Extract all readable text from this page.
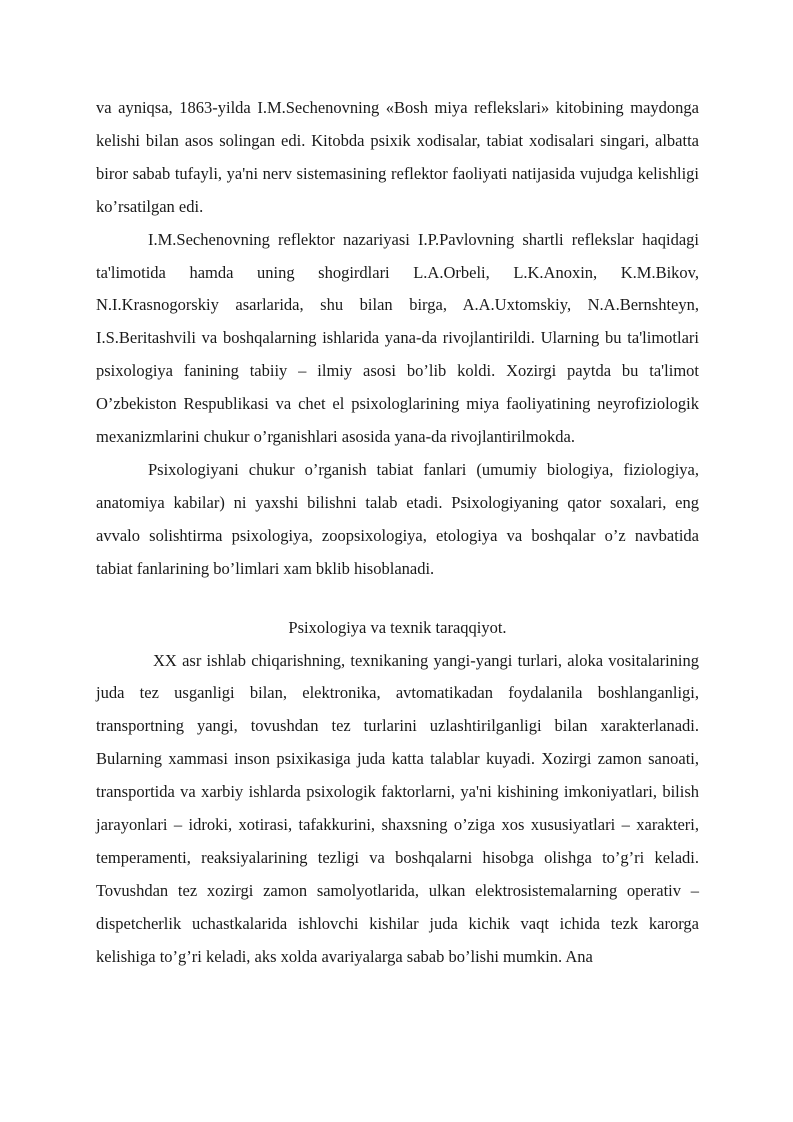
va ayniqsa, 1863-yilda I.M.Sechenovning «Bosh miya reflekslari» kitobining maydonga kelishi bilan asos solingan edi. Kitobda psixik xodisalar, tabiat xodisalari singari, albatta biror sabab tufayli, ya'ni nerv sistemasining reflektor faoliyati natijasida vujudga kelishligi ko’rsatilgan edi.

I.M.Sechenovning reflektor nazariyasi I.P.Pavlovning shartli reflekslar haqidagi ta'limotida hamda uning shogirdlari L.A.Orbeli, L.K.Anoxin, K.M.Bikov, N.I.Krasnogorskiy asarlarida, shu bilan birga, A.A.Uxtomskiy, N.A.Bernshteyn, I.S.Beritashvili va boshqalarning ishlarida yana-da rivojlantirildi. Ularning bu ta'limotlari psixologiya fanining tabiiy – ilmiy asosi bo’lib koldi. Xozirgi paytda bu ta'limot O’zbekiston Respublikasi va chet el psixologlarining miya faoliyatining neyrofiziologik mexanizmlarini chukur o’rganishlari asosida yana-da rivojlantirilmokda.

Psixologiyani chukur o’rganish tabiat fanlari (umumiy biologiya, fiziologiya, anatomiya kabilar) ni yaxshi bilishni talab etadi. Psixologiyaning qator soxalari, eng avvalo solishtirma psixologiya, zoopsixologiya, etologiya va boshqalar o’z navbatida tabiat fanlarining bo’limlari xam bklib hisoblanadi.

Psixologiya va texnik taraqqiyot.

XX asr ishlab chiqarishning, texnikaning yangi-yangi turlari, aloka vositalarining juda tez usganligi bilan, elektronika, avtomatikadan foydalanila boshlanganligi, transportning yangi, tovushdan tez turlarini uzlashtirilganligi bilan xarakterlanadi. Bularning xammasi inson psixikasiga juda katta talablar kuyadi. Xozirgi zamon sanoati, transportida va xarbiy ishlarda psixologik faktorlarni, ya'ni kishining imkoniyatlari, bilish jarayonlari – idroki, xotirasi, tafakkurini, shaxsning o’ziga xos xususiyatlari – xarakteri, temperamenti, reaksiyalarining tezligi va boshqalarni hisobga olishga to’g’ri keladi. Tovushdan tez xozirgi zamon samolyotlarida, ulkan elektrosistemalarning operativ – dispetcherlik uchastkalarida ishlovchi kishilar juda kichik vaqt ichida tezk karorga kelishiga to’g’ri keladi, aks xolda avariyalarga sabab bo’lishi mumkin. Ana
